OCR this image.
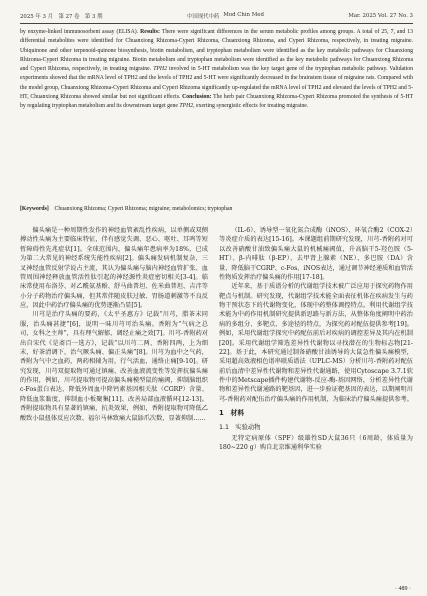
2025 年 3 月　第 27 卷　第 3 期	中国现代中药 Mod Chin Med	Mar. 2025 Vol. 27 No. 3
by enzyme-linked immunosorbent assay (ELISA). Results: There were significant differences in the serum metabolic profiles among groups. A total of 25, 7, and 13 differential metabolites were identified for Chuanxiong Rhizoma-Cyperi Rhizoma, Chuanxiong Rhizoma, and Cyperi Rhizoma, respectively, in treating migraine. Ubiquinone and other terpenoid-quinone biosynthesis, biotin metabolism, and tryptophan metabolism were identified as the key metabolic pathways for Chuanxiong Rhizoma-Cyperi Rhizoma in treating migraine. Biotin metabolism and tryptophan metabolism were identified as the key metabolic pathways for Chuanxiong Rhizoma and Cyperi Rhizoma, respectively, in treating migraine. TPH2 involved in 5-HT metabolism was the key target gene of the tryptophan metabolic pathway. Validation experiments showed that the mRNA level of TPH2 and the levels of TPH2 and 5-HT were significantly decreased in the brainstem tissue of migraine rats. Compared with the model group, Chuanxiong Rhizoma-Cyperi Rhizoma and Cyperi Rhizoma significantly up-regulated the mRNA level of TPH2 and elevated the levels of TPH2 and 5-HT, Chuanxiong Rhizoma showed similar but not significant effects. Conclusion: The herb pair Chuanxiong Rhizoma-Cyperi Rhizoma promoted the synthesis of 5-HT by regulating tryptophan metabolism and its downstream target gene TPH2, exerting synergistic effects for treating migraine.
[Keywords]　Chuanxiong Rhizoma; Cyperi Rhizoma; migraine; metabolomics; tryptophan

偏头痛是一种周期性发作的神经血管紊乱性疾病，以单侧或双侧搏动性头痛为主要临床特征，伴有感觉失调、恶心、呕吐、耳鸣等短暂障碍性先兆症状[1]。全球范围内，偏头痛年患病率为18%，已成为第二大常见的神经系统失能性疾病[2]。偏头痛发病机制复杂，三叉神经血管反射学说占主流，其认为偏头痛与脑内神经血管扩张、血管周围神经释放血管活性肽引起的神经源性炎症密切相关[3-4]。临床常使用布洛芬、对乙酰氨基酚、舒马曲普坦、佐米曲普坦、吉泮等小分子药物治疗偏头痛，但其常伴随皮肤过敏、胃肠道刺激等不良反应，因此中药治疗偏头痛的优势逐渐凸显[5]。

川芎是治疗头痛的要药，《太平圣惠方》记载“川芎，腊茶末同服，治头痛甚捷”[6]，说明一味川芎可治头痛。香附为“气病之总司，女科之主帅”，具有理气解郁，调经止痛之效[7]。川芎-香附药对出自宋代《是斋百一选方》，记载“以川芎二两、香附四两，上为细末，好茶清调下，治气厥头痛、偏正头痛”[8]。川芎为血中之气药，香附为气中之血药，两药相辅为用，行气活血，通络止痛[9-10]。研究发现，川芎双提取物可通过镇痛、改善血液流变性等发挥抗偏头痛的作用，例如，川芎提取物可提高偏头痛模型鼠的痛阈，抑制脑组织c-Fos蛋白表达、降低外周血中降钙素基因相关肽（CGRP）含量、降低血浆黏度、抑制血小板聚集[11]、改善局部血液循环[12-13]。香附提取物具有显著的镇痛、抗炎效果，例如，香附提取物可降低乙酸致小鼠扭体反应次数、福尔马林致痛大鼠舔爪次数，显著抑制……

（IL-6）、诱导型一氧化氮合成酶（iNOS）、环氧合酶2（COX-2）等炎症介质的表达[15-16]。本课题组前期研究发现，川芎-香附药对可以改善硝酸甘油致偏头痛大鼠的机械痛阈值，升高脑干5-羟色胺（5-HT）、β-内啡肽（β-EP）、去甲肾上腺素（NE）、多巴胺（DA）含量、降低脑干CGRP、c-Fos、iNOS表达，通过调节神经递质和血管活性物质发挥治疗偏头痛的作用[17-18]。

近年来，基于质谱分析的代谢组学技术被广泛应用于探究药物作用靶点与机制。研究发现，代谢组学技术能全面表征机体在疾病发生与药物干预状态下的代谢物变化，体现中药整体调控特点。利用代谢组学技术能为中药作用机制研究提供新思路与新方法，从整体角度阐明中药治病的多组分、多靶点、多途径的特点，为探究药对配伍提供参考[19]。例如，采用代谢组学探究中药配伍前后对疾病的调控差异及其内在机制[20]。采用代谢组学筛选差异性代谢物以寻找潜在的生物标志物[21-22]。基于此，本研究通过制备硝酸甘油诱导的大鼠急性偏头痛模型，采用超高效液相色谱串联质谱法（UPLC-MS）分析川芎-香附药对配伍前后血清中差异性代谢物和差异性代谢通路，使用Cytoscape 3.7.1软件中的Metscape插件构建代谢物-反应-酶-基因网络，分析差异性代谢物和差异性代谢通路的靶基因，进一步验证靶基因的表达，以期阐明川芎-香附药对配伍治疗偏头痛的作用机制，为临床治疗偏头痛提供参考。

1　材料
1.1　实验动物

无特定病原体（SPF）级雄性SD大鼠36只（6周龄，体质量为180~220 g）购自北京维通利华实验

· 489 ·
